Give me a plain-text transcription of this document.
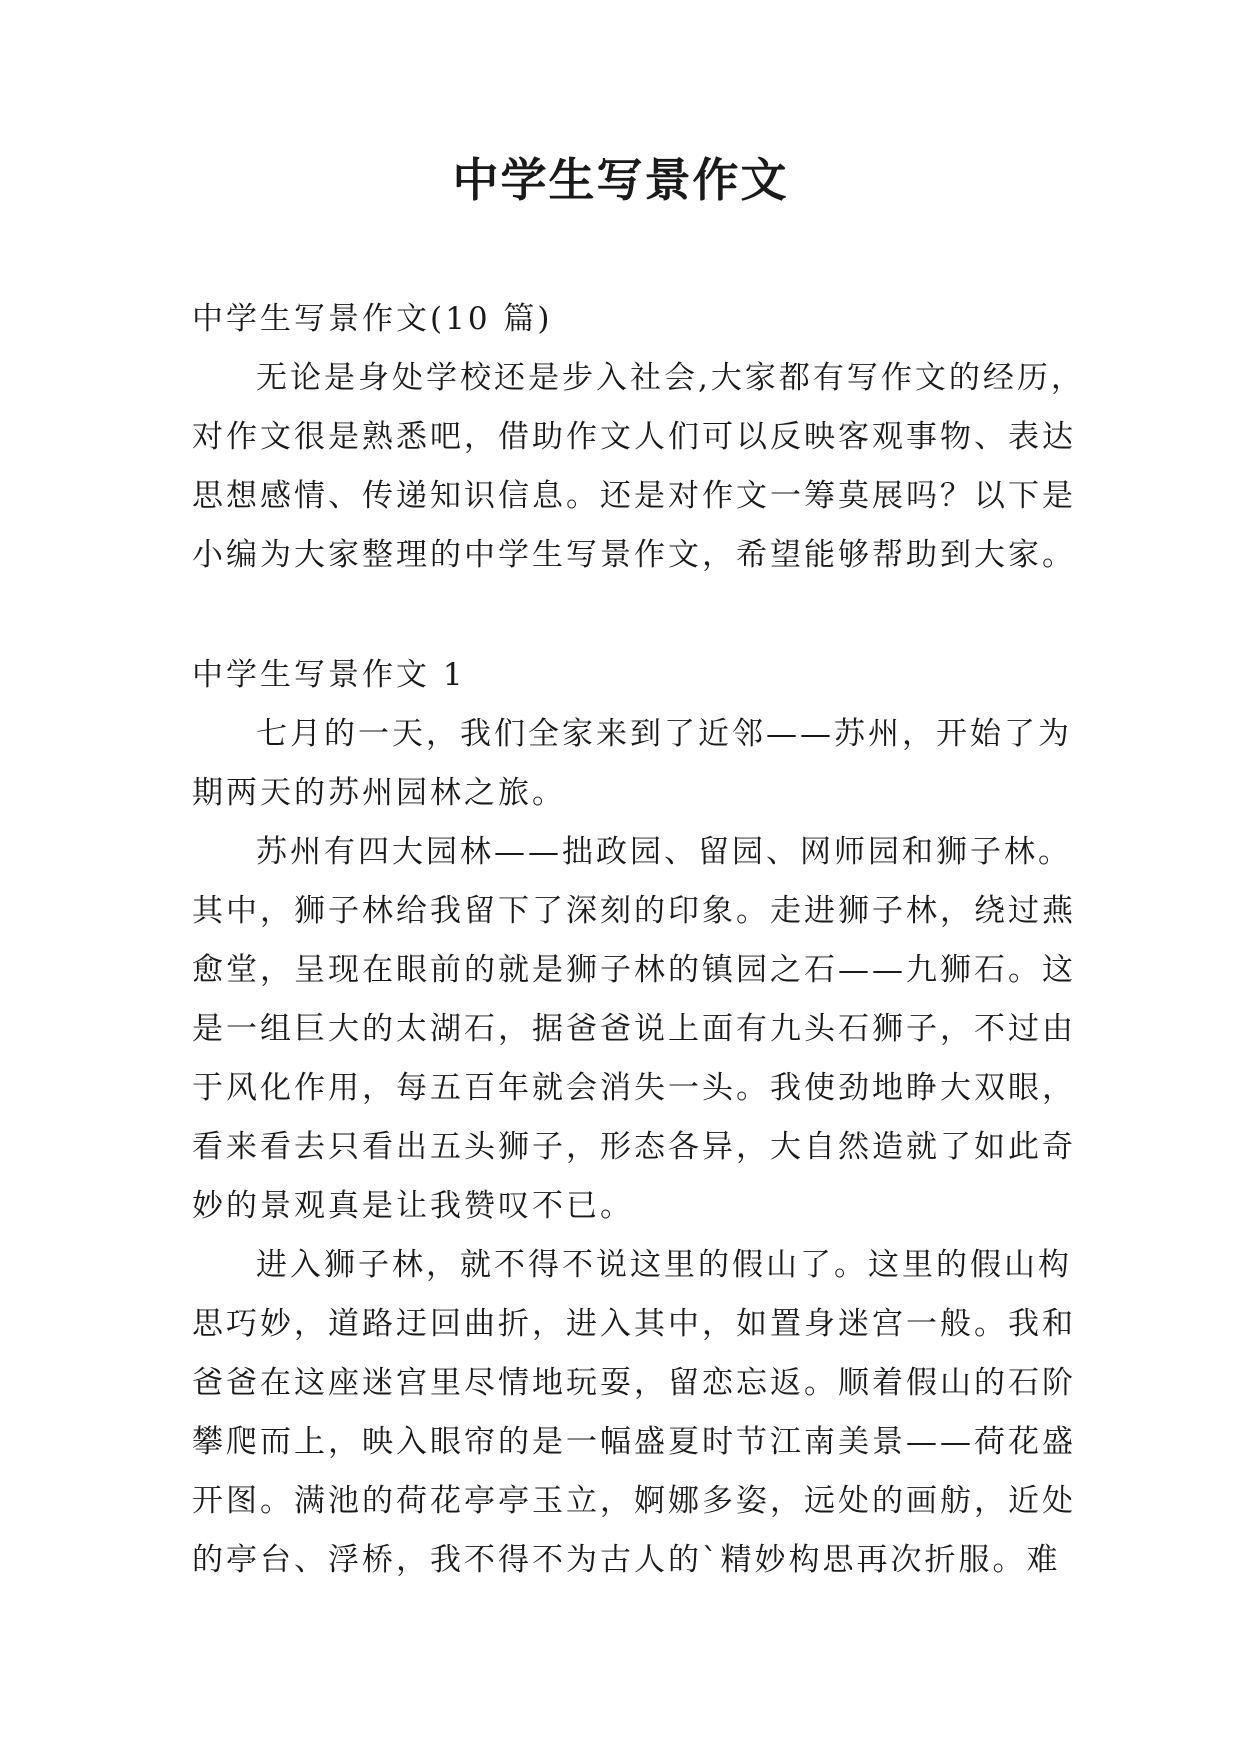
中学生写景作文
中学生写景作文(10 篇)
无论是身处学校还是步入社会,大家都有写作文的经历，
对作文很是熟悉吧，借助作文人们可以反映客观事物、表达
思想感情、传递知识信息。还是对作文一筹莫展吗？以下是
小编为大家整理的中学生写景作文，希望能够帮助到大家。
中学生写景作文 1
七月的一天，我们全家来到了近邻——苏州，开始了为
期两天的苏州园林之旅。
苏州有四大园林——拙政园、留园、网师园和狮子林。
其中，狮子林给我留下了深刻的印象。走进狮子林，绕过燕
愈堂，呈现在眼前的就是狮子林的镇园之石——九狮石。这
是一组巨大的太湖石，据爸爸说上面有九头石狮子，不过由
于风化作用，每五百年就会消失一头。我使劲地睁大双眼，
看来看去只看出五头狮子，形态各异，大自然造就了如此奇
妙的景观真是让我赞叹不已。
进入狮子林，就不得不说这里的假山了。这里的假山构
思巧妙，道路迂回曲折，进入其中，如置身迷宫一般。我和
爸爸在这座迷宫里尽情地玩耍，留恋忘返。顺着假山的石阶
攀爬而上，映入眼帘的是一幅盛夏时节江南美景——荷花盛
开图。满池的荷花亭亭玉立，婀娜多姿，远处的画舫，近处
的亭台、浮桥，我不得不为古人的`精妙构思再次折服。难
